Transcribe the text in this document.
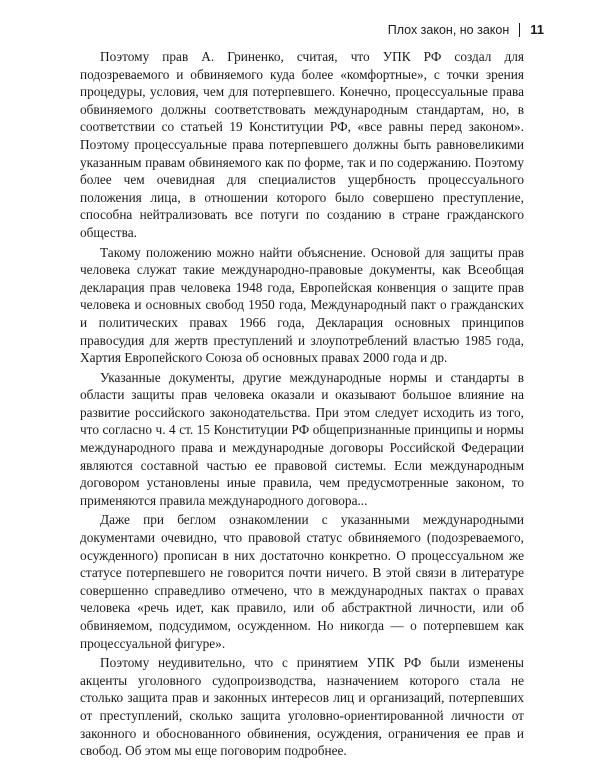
Плох закон, но закон 11

Поэтому прав А. Гриненко, считая, что УПК РФ создал для подозреваемого и обвиняемого куда более «комфортные», с точки зрения процедуры, условия, чем для потерпевшего. Конечно, процессуальные права обвиняемого должны соответствовать международным стандартам, но, в соответствии со статьей 19 Конституции РФ, «все равны перед законом». Поэтому процессуальные права потерпевшего должны быть равновеликими указанным правам обвиняемого как по форме, так и по содержанию. Поэтому более чем очевидная для специалистов ущербность процессуального положения лица, в отношении которого было совершено преступление, способна нейтрализовать все потуги по созданию в стране гражданского общества.

Такому положению можно найти объяснение. Основой для защиты прав человека служат такие международно-правовые документы, как Всеобщая декларация прав человека 1948 года, Европейская конвенция о защите прав человека и основных свобод 1950 года, Международный пакт о гражданских и политических правах 1966 года, Декларация основных принципов правосудия для жертв преступлений и злоупотреблений властью 1985 года, Хартия Европейского Союза об основных правах 2000 года и др.

Указанные документы, другие международные нормы и стандарты в области защиты прав человека оказали и оказывают большое влияние на развитие российского законодательства. При этом следует исходить из того, что согласно ч. 4 ст. 15 Конституции РФ общепризнанные принципы и нормы международного права и международные договоры Российской Федерации являются составной частью ее правовой системы. Если международным договором установлены иные правила, чем предусмотренные законом, то применяются правила международного договора...

Даже при беглом ознакомлении с указанными международными документами очевидно, что правовой статус обвиняемого (подозреваемого, осужденного) прописан в них достаточно конкретно. О процессуальном же статусе потерпевшего не говорится почти ничего. В этой связи в литературе совершенно справедливо отмечено, что в международных пактах о правах человека «речь идет, как правило, или об абстрактной личности, или об обвиняемом, подсудимом, осужденном. Но никогда — о потерпевшем как процессуальной фигуре».

Поэтому неудивительно, что с принятием УПК РФ были изменены акценты уголовного судопроизводства, назначением которого стала не столько защита прав и законных интересов лиц и организаций, потерпевших от преступлений, сколько защита уголовно-ориентированной личности от законного и обоснованного обвинения, осуждения, ограничения ее прав и свобод. Об этом мы еще поговорим подробнее.
